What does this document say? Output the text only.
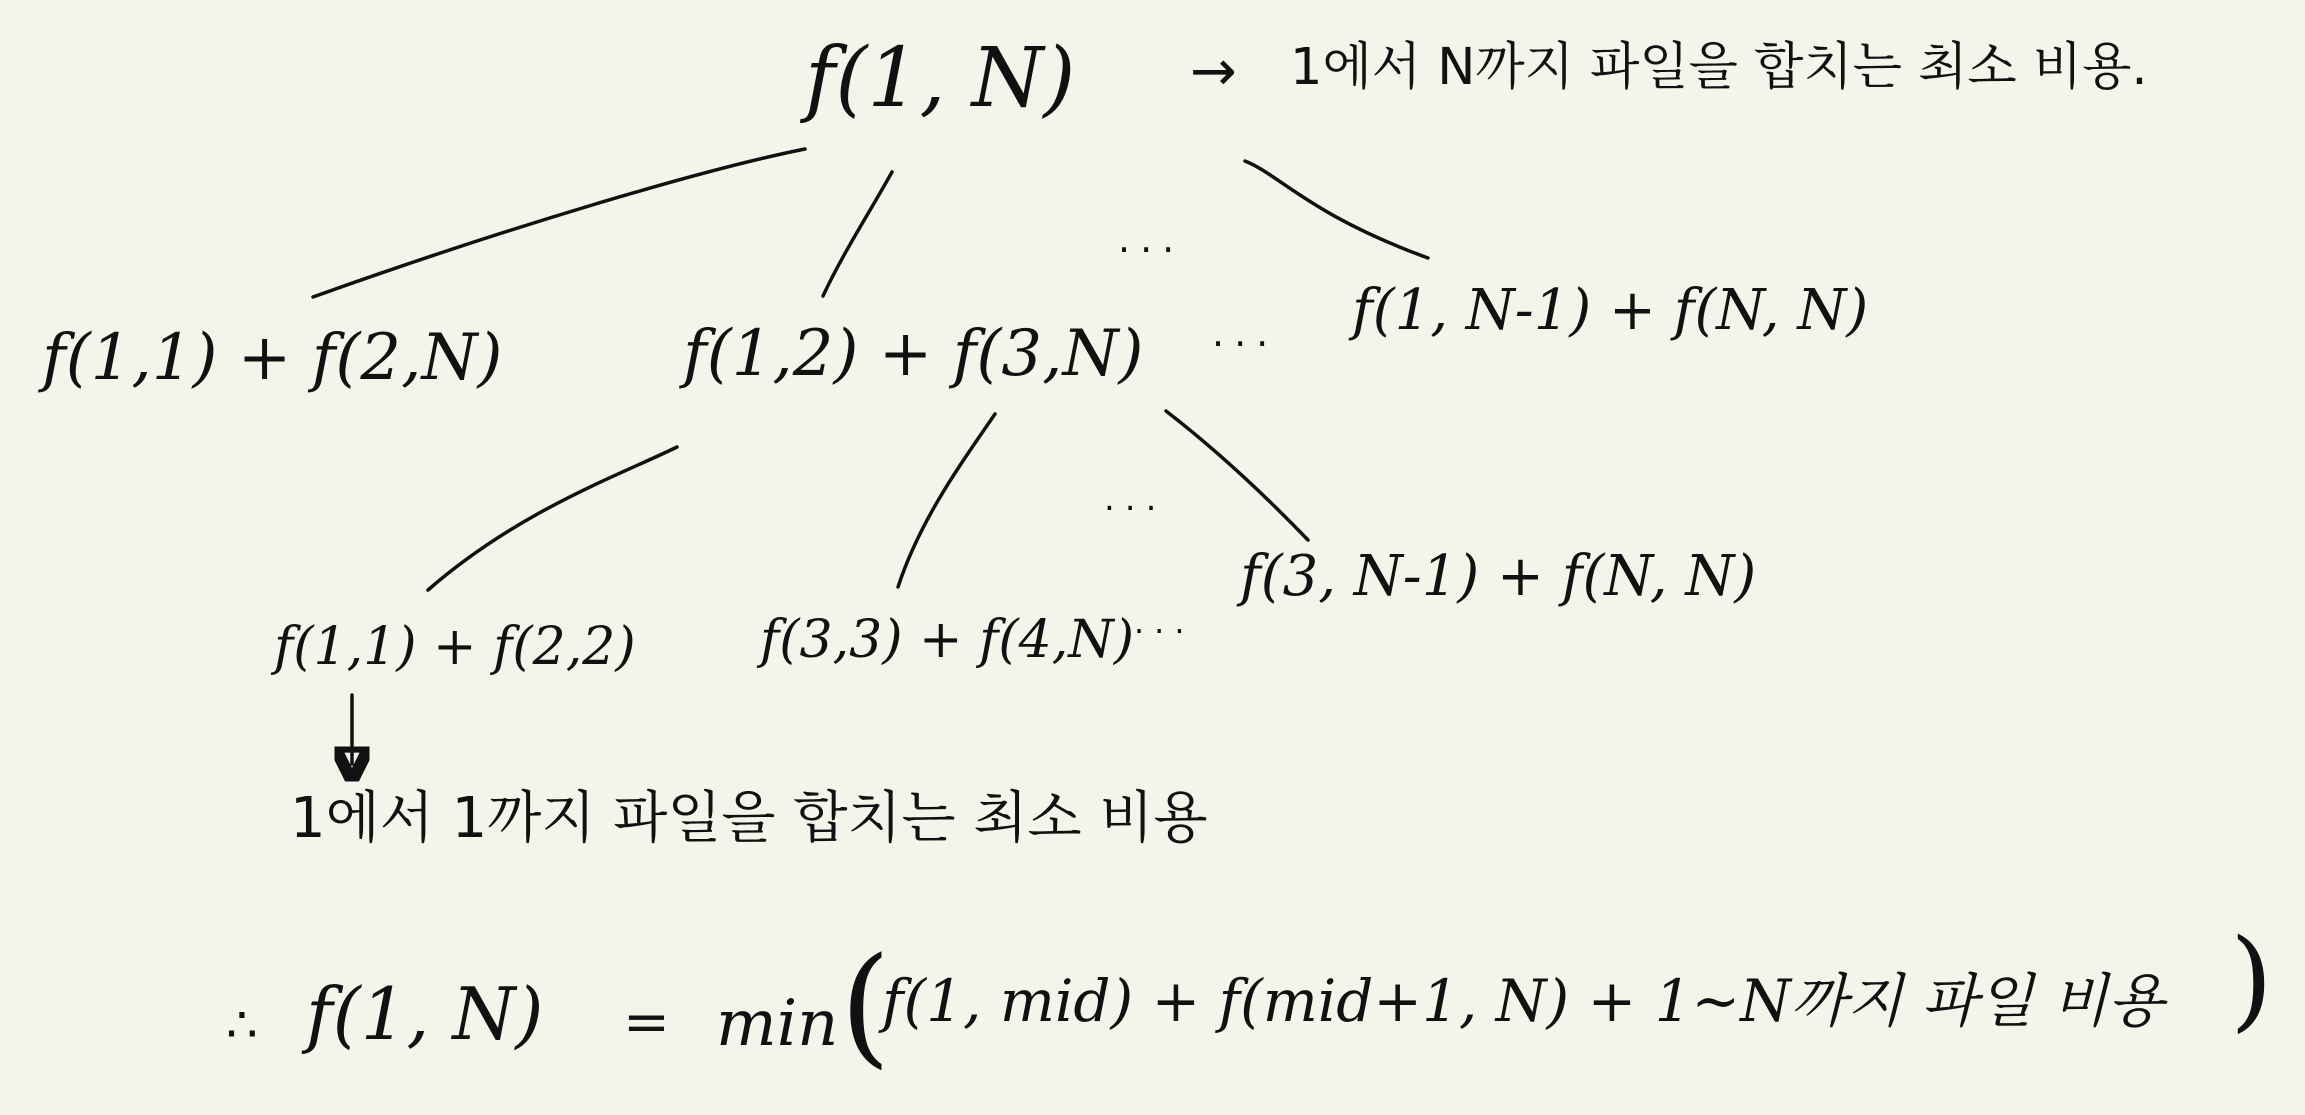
f(1, N) → 1에서 N까지 파일을 합치는 최소 비용.
...
f(1,1) + f(2,N)	f(1,2) + f(3,N) ... f(1, N-1) + f(N, N)
...
f(1,1) + f(2,2) f(3,3) + f(4,N) ...
f(3, N-1) + f(N, N)
1에서 1까지 파일을 합치는 최소 비용
∴ f(1, N) = min (
f(1, mid) + f(mid+1, N) + 1~N까지 파일 비용 )
